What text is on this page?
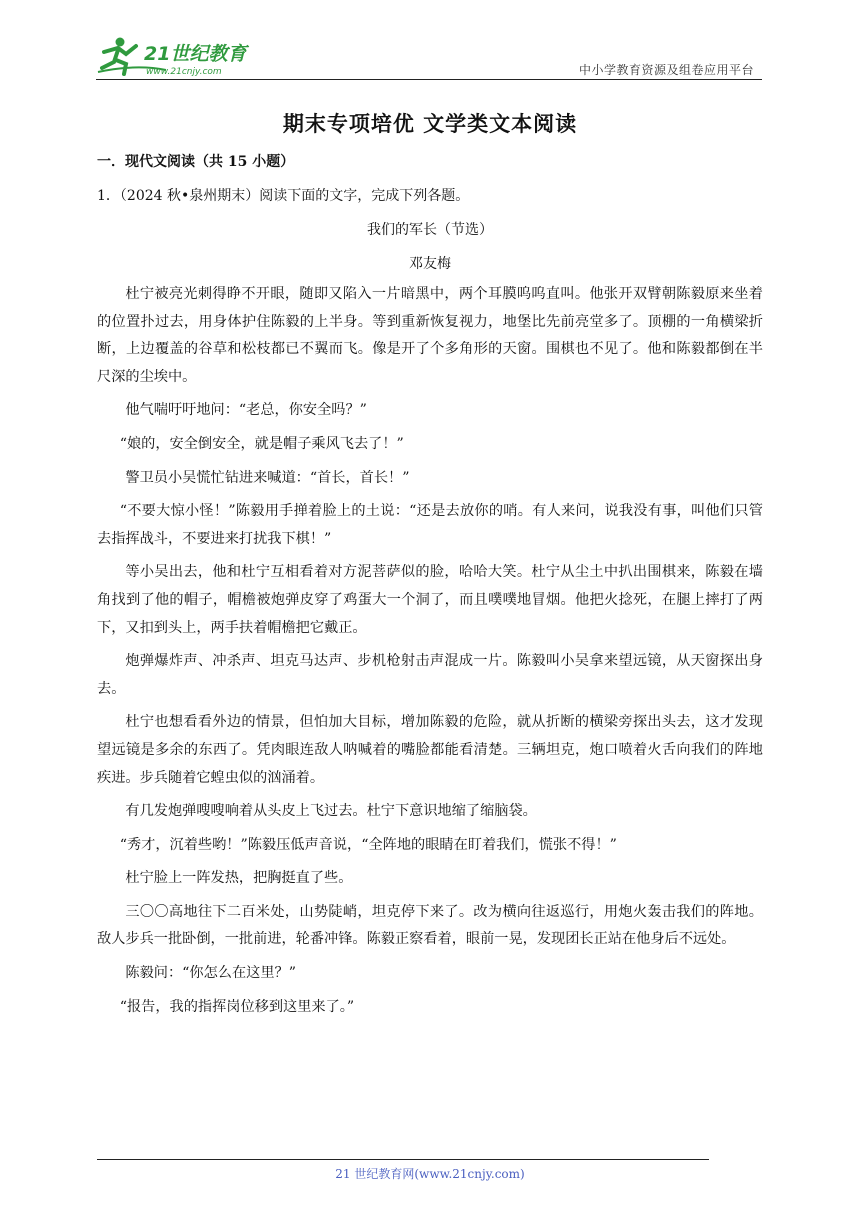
21世纪教育
www.21cnjy.com	中小学教育资源及组卷应用平台
期末专项培优 文学类文本阅读
一．现代文阅读（共 15 小题）
1．（2024 秋•泉州期末）阅读下面的文字，完成下列各题。
我们的军长（节选）
邓友梅

杜宁被亮光刺得睁不开眼，随即又陷入一片暗黑中，两个耳膜呜呜直叫。他张开双臂朝陈毅原来坐着的位置扑过去，用身体护住陈毅的上半身。等到重新恢复视力，地堡比先前亮堂多了。顶棚的一角横梁折断，上边覆盖的谷草和松枝都已不翼而飞。像是开了个多角形的天窗。围棋也不见了。他和陈毅都倒在半尺深的尘埃中。

他气喘吁吁地问：“老总，你安全吗？”

“娘的，安全倒安全，就是帽子乘风飞去了！”

警卫员小吴慌忙钻进来喊道：“首长，首长！”

“不要大惊小怪！”陈毅用手掸着脸上的土说：“还是去放你的哨。有人来问，说我没有事，叫他们只管去指挥战斗，不要进来打扰我下棋！”

等小吴出去，他和杜宁互相看着对方泥菩萨似的脸，哈哈大笑。杜宁从尘土中扒出围棋来，陈毅在墙角找到了他的帽子，帽檐被炮弹皮穿了鸡蛋大一个洞了，而且噗噗地冒烟。他把火捻死，在腿上摔打了两下，又扣到头上，两手扶着帽檐把它戴正。

炮弹爆炸声、冲杀声、坦克马达声、步机枪射击声混成一片。陈毅叫小吴拿来望远镜，从天窗探出身去。

杜宁也想看看外边的情景，但怕加大目标，增加陈毅的危险，就从折断的横梁旁探出头去，这才发现望远镜是多余的东西了。凭肉眼连敌人呐喊着的嘴脸都能看清楚。三辆坦克，炮口喷着火舌向我们的阵地疾进。步兵随着它蝗虫似的汹涌着。

有几发炮弹嗖嗖响着从头皮上飞过去。杜宁下意识地缩了缩脑袋。

“秀才，沉着些哟！”陈毅压低声音说，“全阵地的眼睛在盯着我们，慌张不得！”

杜宁脸上一阵发热，把胸挺直了些。

三〇〇高地往下二百米处，山势陡峭，坦克停下来了。改为横向往返巡行，用炮火轰击我们的阵地。敌人步兵一批卧倒，一批前进，轮番冲锋。陈毅正察看着，眼前一晃，发现团长正站在他身后不远处。

陈毅问：“你怎么在这里？”

“报告，我的指挥岗位移到这里来了。”

21 世纪教育网(www.21cnjy.com)
